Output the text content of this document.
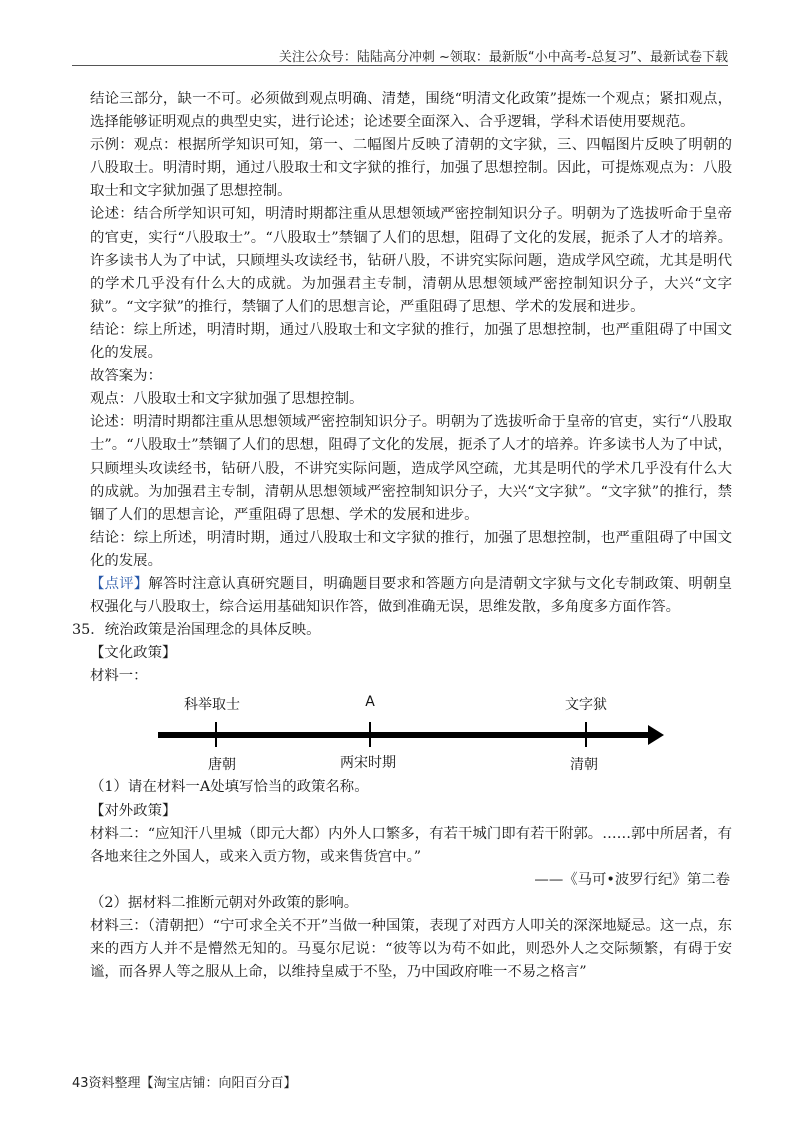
关注公众号：陆陆高分冲刺 ~领取：最新版“小中高考-总复习”、最新试卷下载

结论三部分，缺一不可。必须做到观点明确、清楚，围绕“明清文化政策”提炼一个观点；紧扣观点，选择能够证明观点的典型史实，进行论述；论述要全面深入、合乎逻辑，学科术语使用要规范。

示例：观点：根据所学知识可知，第一、二幅图片反映了清朝的文字狱，三、四幅图片反映了明朝的八股取士。明清时期，通过八股取士和文字狱的推行，加强了思想控制。因此，可提炼观点为：八股取士和文字狱加强了思想控制。

论述：结合所学知识可知，明清时期都注重从思想领域严密控制知识分子。明朝为了选拔听命于皇帝的官吏，实行“八股取士”。“八股取士”禁锢了人们的思想，阻碍了文化的发展，扼杀了人才的培养。许多读书人为了中试，只顾埋头攻读经书，钻研八股，不讲究实际问题，造成学风空疏，尤其是明代的学术几乎没有什么大的成就。为加强君主专制，清朝从思想领域严密控制知识分子，大兴“文字狱”。“文字狱”的推行，禁锢了人们的思想言论，严重阻碍了思想、学术的发展和进步。

结论：综上所述，明清时期，通过八股取士和文字狱的推行，加强了思想控制，也严重阻碍了中国文化的发展。

故答案为：

观点：八股取士和文字狱加强了思想控制。

论述：明清时期都注重从思想领域严密控制知识分子。明朝为了选拔听命于皇帝的官吏，实行“八股取士”。“八股取士”禁锢了人们的思想，阻碍了文化的发展，扼杀了人才的培养。许多读书人为了中试，只顾埋头攻读经书，钻研八股，不讲究实际问题，造成学风空疏，尤其是明代的学术几乎没有什么大的成就。为加强君主专制，清朝从思想领域严密控制知识分子，大兴“文字狱”。“文字狱”的推行，禁锢了人们的思想言论，严重阻碍了思想、学术的发展和进步。

结论：综上所述，明清时期，通过八股取士和文字狱的推行，加强了思想控制，也严重阻碍了中国文化的发展。

【点评】解答时注意认真研究题目，明确题目要求和答题方向是清朝文字狱与文化专制政策、明朝皇权强化与八股取士，综合运用基础知识作答，做到准确无误，思维发散，多角度多方面作答。

35．统治政策是治国理念的具体反映。

【文化政策】

材料一：

科举取士	A	文字狱
唐朝	两宋时期	清朝

（1）请在材料一A处填写恰当的政策名称。

【对外政策】

材料二：“应知汗八里城（即元大都）内外人口繁多，有若干城门即有若干附郭。……郭中所居者，有各地来往之外国人，或来入贡方物，或来售货宫中。”

——《马可•波罗行纪》第二卷

（2）据材料二推断元朝对外政策的影响。

材料三：（清朝把）“宁可求全关不开”当做一种国策，表现了对西方人叩关的深深地疑忌。这一点，东来的西方人并不是懵然无知的。马戛尔尼说：“彼等以为苟不如此，则恐外人之交际频繁，有碍于安谧，而各界人等之服从上命，以维持皇威于不坠，乃中国政府唯一不易之格言”

43资料整理【淘宝店铺：向阳百分百】
